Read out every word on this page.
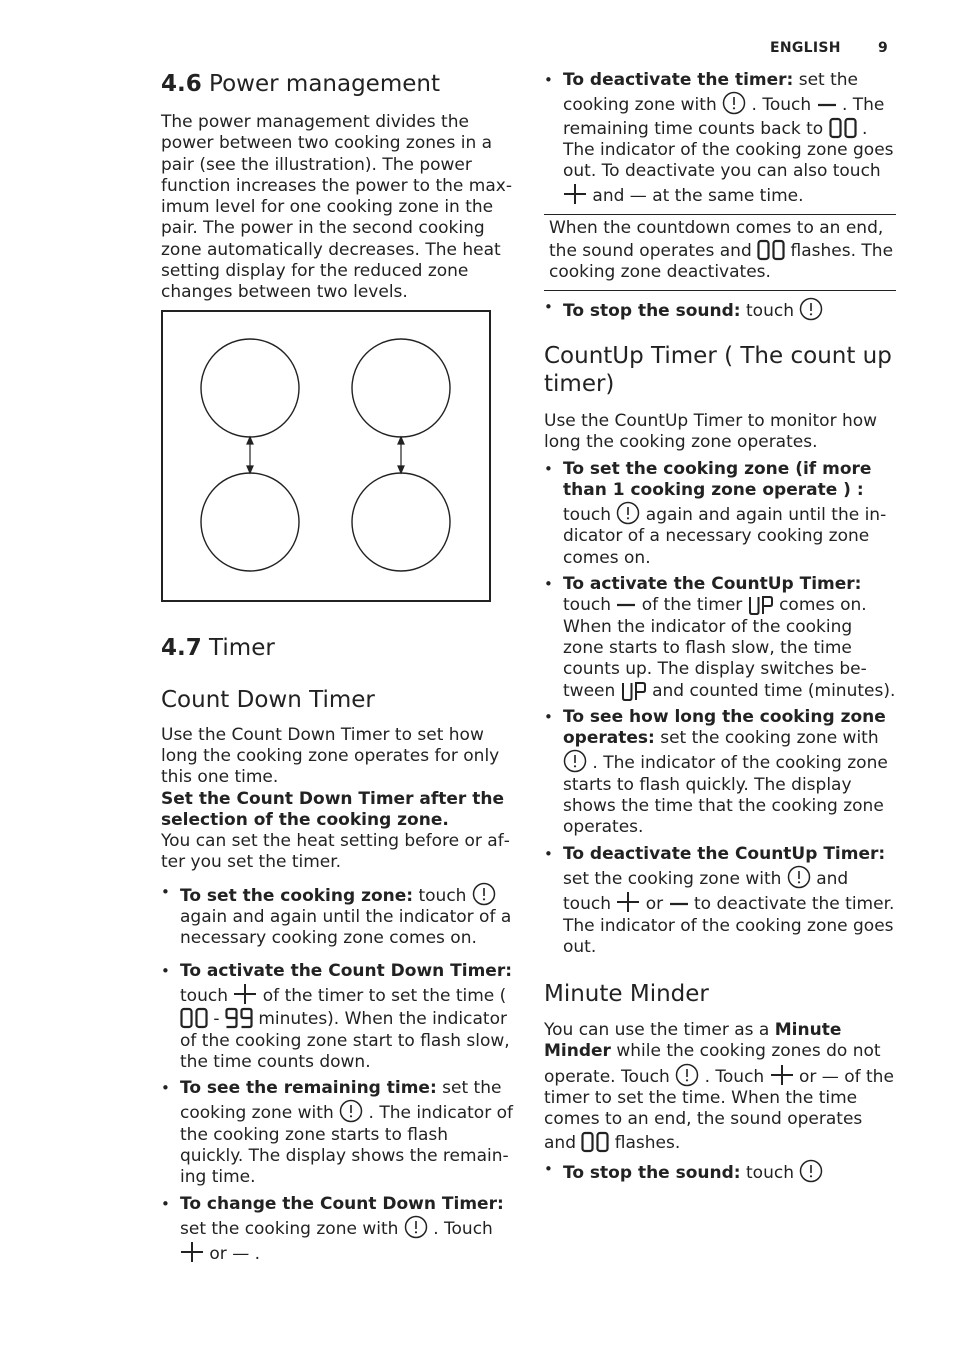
ENGLISH	9
4.6 Power management

The power management divides the power between two cooking zones in a pair (see the illustration). The power function increases the power to the maximum level for one cooking zone in the pair. The power in the second cooking zone automatically decreases. The heat setting display for the reduced zone changes between two levels.

4.7 Timer
Count Down Timer

Use the Count Down Timer to set how long the cooking zone operates for only this one time.

Set the Count Down Timer after the selection of the cooking zone.

You can set the heat setting before or after you set the timer.

• To set the cooking zone: touch  again and again until the indicator of a necessary cooking zone comes on.
• To activate the Count Down Timer:
touch  of the timer to set the time (  -  minutes). When the indicator of the cooking zone start to flash slow, the time counts down.
• To see the remaining time: set the cooking zone with  . The indicator of the cooking zone starts to flash quickly. The display shows the remaining time.
• To change the Count Down Timer:
set the cooking zone with  . Touch
or — .
• To deactivate the timer: set the cooking zone with  . Touch  . The remaining time counts back to  . The indicator of the cooking zone goes out. To deactivate you can also touch  and — at the same time.

When the countdown comes to an end, the sound operates and  flashes. The cooking zone deactivates.

• To stop the sound: touch
CountUp Timer ( The count up timer)

Use the CountUp Timer to monitor how long the cooking zone operates.

• To set the cooking zone (if more than 1 cooking zone operate ) :
touch  again and again until the indicator of a necessary cooking zone comes on.
• To activate the CountUp Timer:
touch  of the timer  comes on. When the indicator of the cooking zone starts to flash slow, the time counts up. The display switches between  and counted time (minutes).
• To see how long the cooking zone operates: set the cooking zone with
. The indicator of the cooking zone starts to flash quickly. The display shows the time that the cooking zone operates.
• To deactivate the CountUp Timer:
set the cooking zone with  and touch  or  to deactivate the timer. The indicator of the cooking zone goes out.
Minute Minder

You can use the timer as a Minute Minder while the cooking zones do not operate. Touch  . Touch  or — of the timer to set the time. When the time comes to an end, the sound operates and  flashes.

• To stop the sound: touch
